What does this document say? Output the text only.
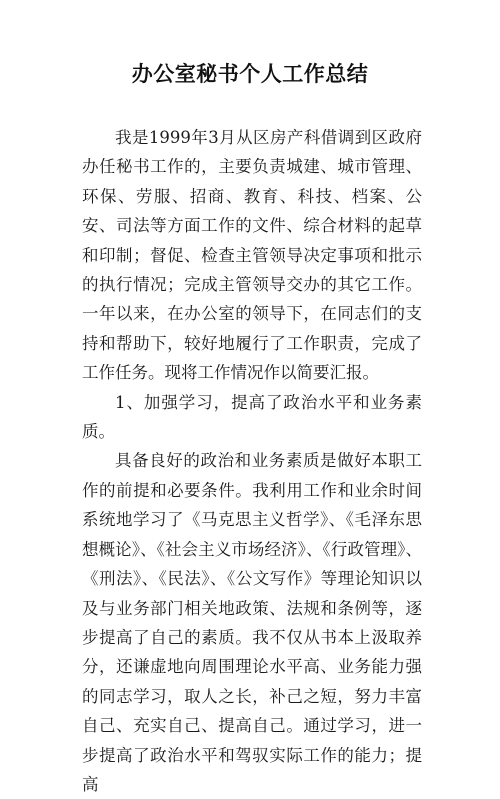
办公室秘书个人工作总结

我是1999年3月从区房产科借调到区政府办任秘书工作的，主要负责城建、城市管理、环保、劳服、招商、教育、科技、档案、公安、司法等方面工作的文件、综合材料的起草和印制；督促、检查主管领导决定事项和批示的执行情况；完成主管领导交办的其它工作。一年以来，在办公室的领导下，在同志们的支持和帮助下，较好地履行了工作职责，完成了工作任务。现将工作情况作以简要汇报。

1、加强学习，提高了政治水平和业务素质。

具备良好的政治和业务素质是做好本职工作的前提和必要条件。我利用工作和业余时间系统地学习了《马克思主义哲学》、《毛泽东思想概论》、《社会主义市场经济》、《行政管理》、《刑法》、《民法》、《公文写作》等理论知识以及与业务部门相关地政策、法规和条例等，逐步提高了自己的素质。我不仅从书本上汲取养分，还谦虚地向周围理论水平高、业务能力强的同志学习，取人之长，补己之短，努力丰富自己、充实自己、提高自己。通过学习，进一步提高了政治水平和驾驭实际工作的能力；提高
